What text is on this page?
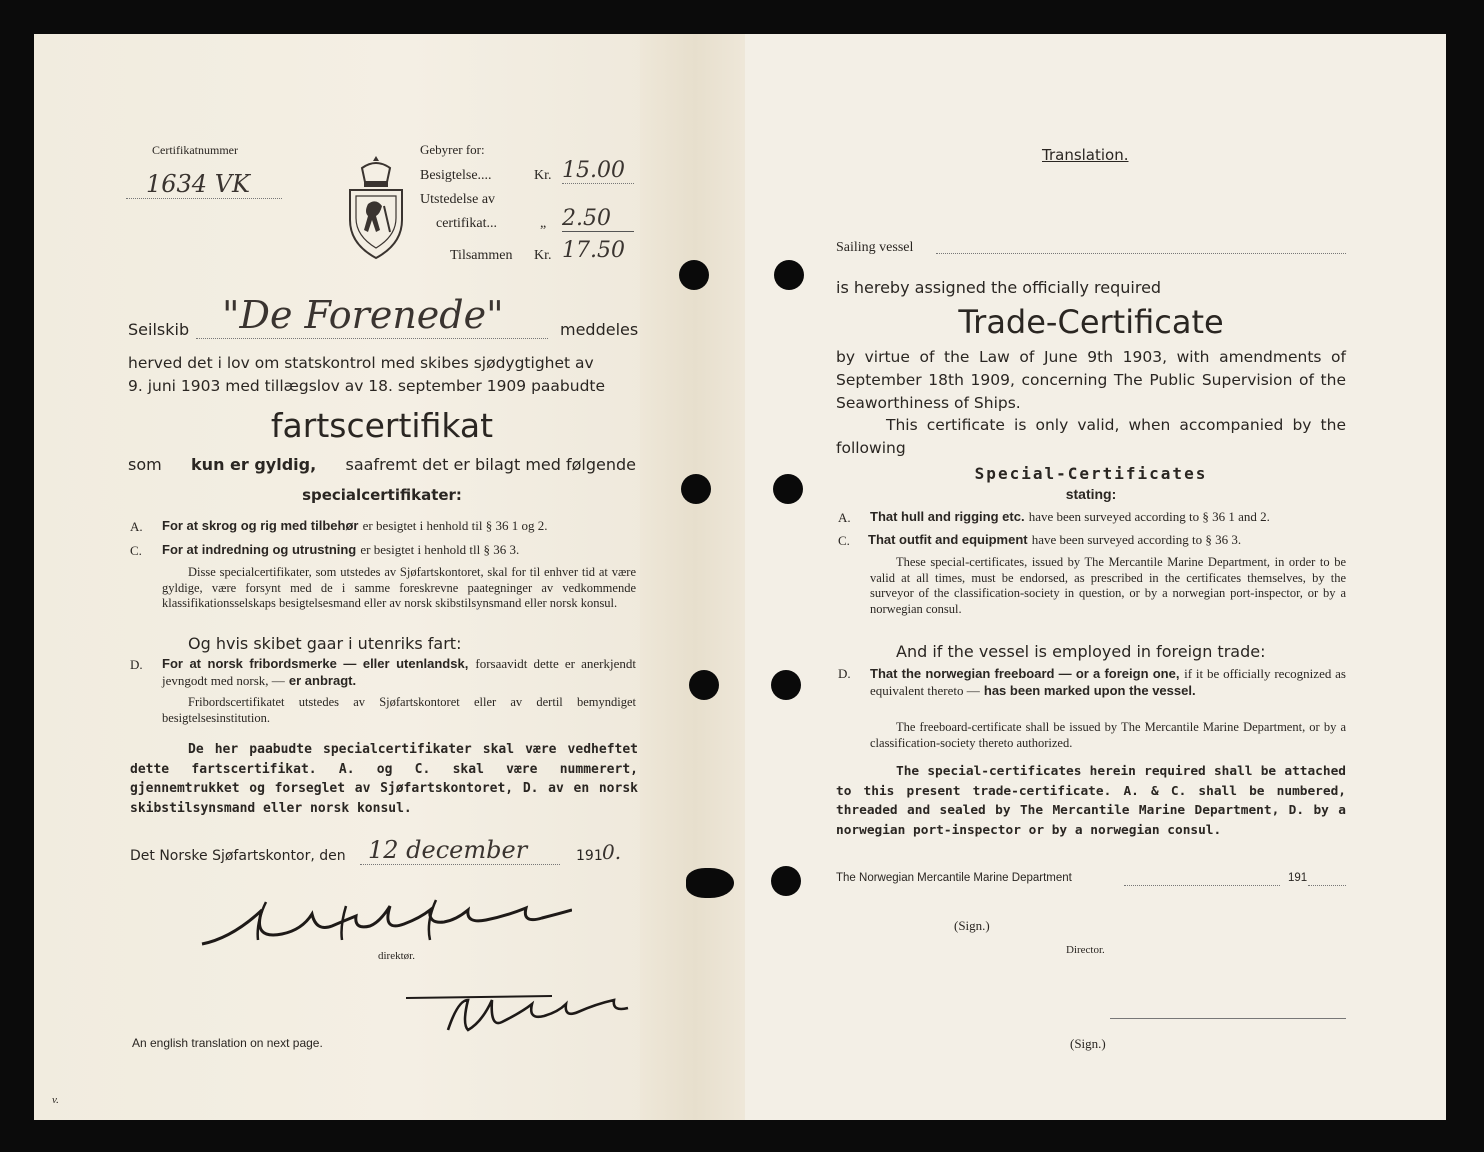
Certifikatnummer
1634 VK
Gebyrer for:
Besigtelse....	Kr. 15.00
Utstedelse av
certifikat...	„ 2.50
Tilsammen Kr. 17.50
Seilskib "De Forenede"	meddeles
herved det i lov om statskontrol med skibes sjødygtighet av
9. juni 1903 med tillægslov av 18. september 1909 paabudte
fartscertifikat
som kun er gyldig, saafremt det er bilagt med følgende
specialcertifikater:
A. For at skrog og rig med tilbehør er besigtet i henhold til § 36 1 og 2.
C. For at indredning og utrustning er besigtet i henhold tll § 36 3.
Disse specialcertifikater, som utstedes av Sjøfartskontoret, skal for til enhver tid at være gyldige, være forsynt med de i samme foreskrevne paategninger av vedkommende klassifikationsselskaps besigtelsesmand eller av norsk skibstilsynsmand eller norsk konsul.
Og hvis skibet gaar i utenriks fart:
D. For at norsk fribordsmerke — eller utenlandsk, forsaavidt dette er anerkjendt jevngodt med norsk, — er anbragt.
Fribordscertifikatet utstedes av Sjøfartskontoret eller av dertil bemyndiget besigtelsesinstitution.
De her paabudte specialcertifikater skal være vedheftet dette fartscertifikat. A. og C. skal være nummerert, gjennemtrukket og forseglet av Sjøfartskontoret, D. av en norsk skibstilsynsmand eller norsk konsul.
Det Norske Sjøfartskontor, den 12 december	191 0.
direktør.
An english translation on next page.
v.
Translation.
Sailing vessel
is hereby assigned the officially required
Trade-Certificate
by virtue of the Law of June 9th 1903, with amendments of September 18th 1909, concerning The Public Supervision of the Seaworthiness of Ships.
This certificate is only valid, when accompanied by the following
Special-Certificates
stating:
A. That hull and rigging etc. have been surveyed according to § 36 1 and 2.
C. That outfit and equipment have been surveyed according to § 36 3.
These special-certificates, issued by The Mercantile Marine Department, in order to be valid at all times, must be endorsed, as prescribed in the certificates themselves, by the surveyor of the classification-society in question, or by a norwegian port-inspector, or by a norwegian consul.
And if the vessel is employed in foreign trade:
D. That the norwegian freeboard — or a foreign one, if it be officially recognized as equivalent thereto — has been marked upon the vessel.
The freeboard-certificate shall be issued by The Mercantile Marine Department, or by a classification-society thereto authorized.
The special-certificates herein required shall be attached to this present trade-certificate. A. & C. shall be numbered, threaded and sealed by The Mercantile Marine Department, D. by a norwegian port-inspector or by a norwegian consul.
The Norwegian Mercantile Marine Department	191
(Sign.)
Director.
(Sign.)
